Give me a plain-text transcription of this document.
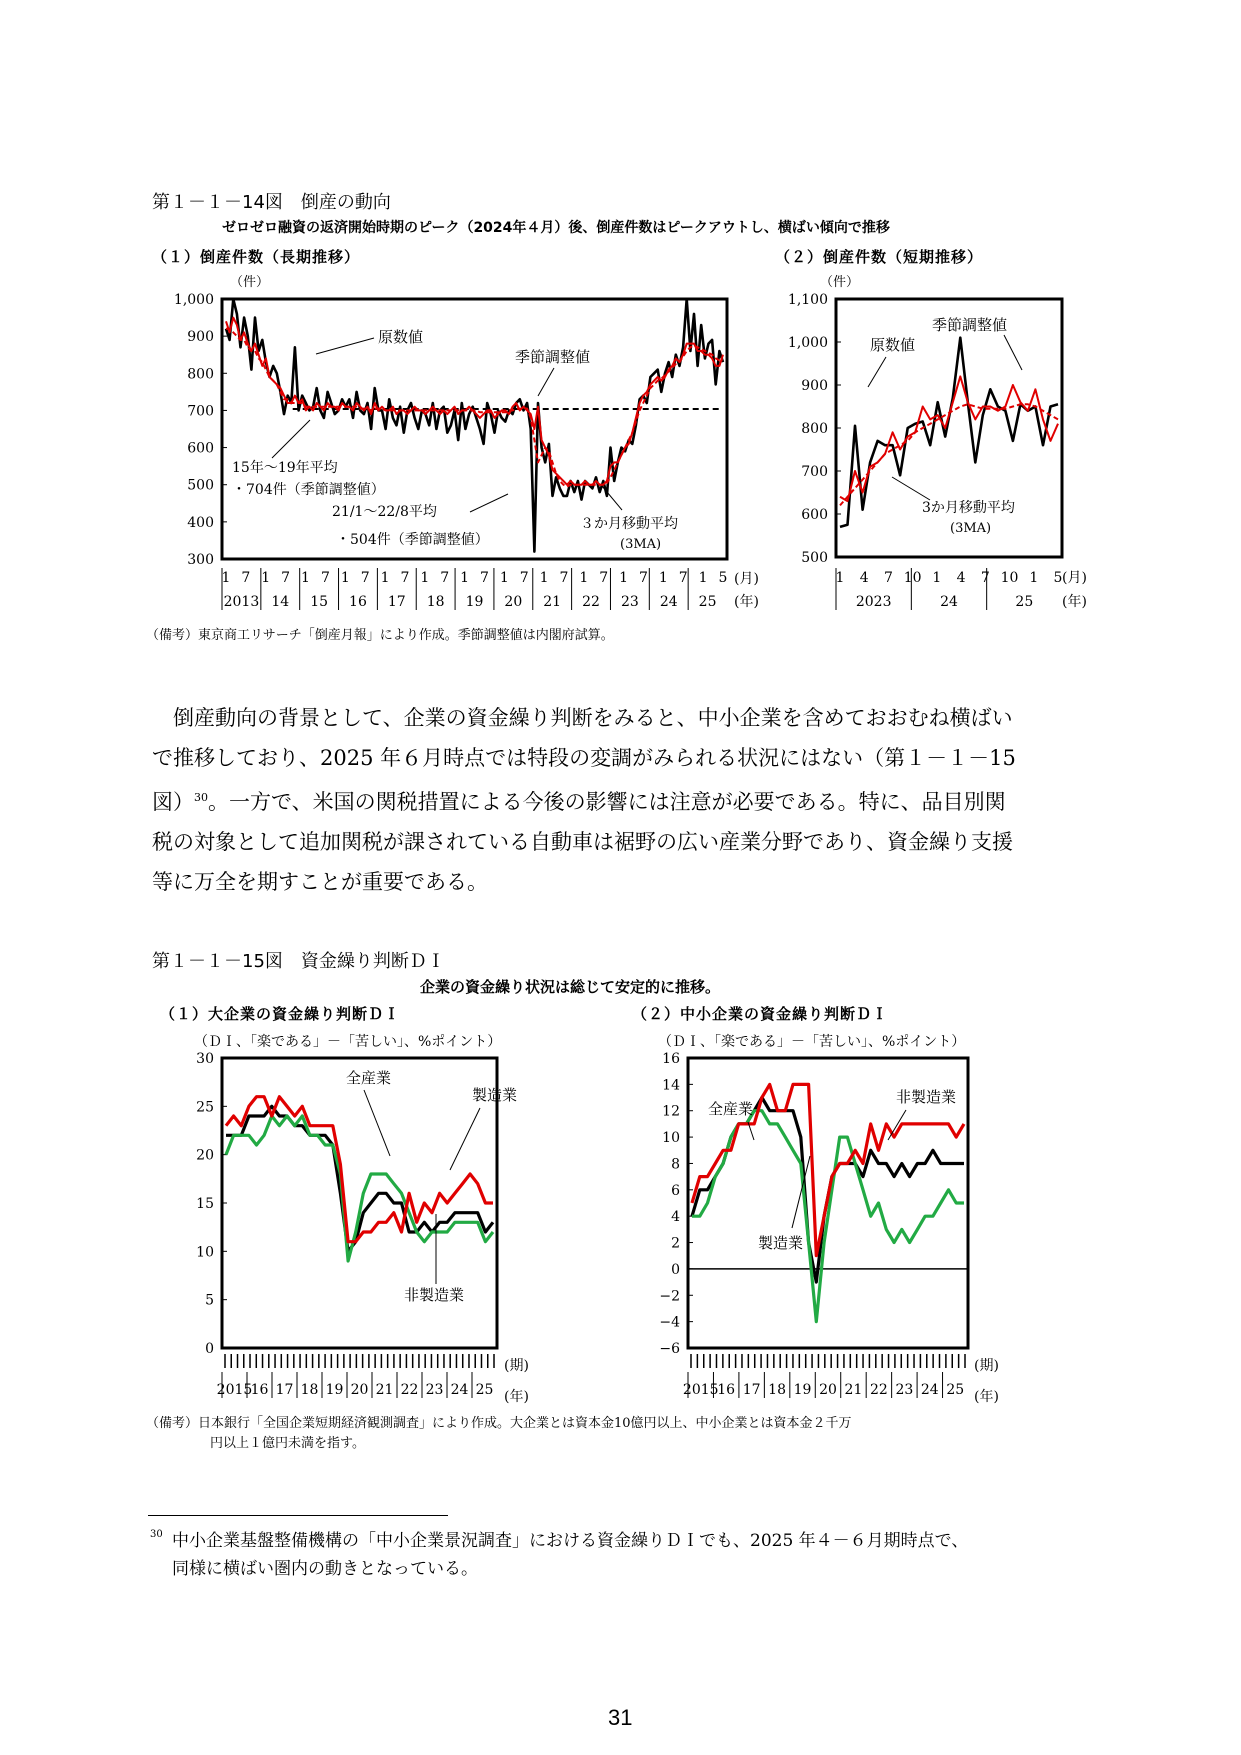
第１－１－14図　倒産の動向
ゼロゼロ融資の返済開始時期のピーク（2024年４月）後、倒産件数はピークアウトし、横ばい傾向で推移
（１）倒産件数（長期推移）	（２）倒産件数（短期推移）
（件）
1,000
900
800
700
600
500
400
300
1 7 1 7 1 7 1 7 1 7 1 7 1 7 1 7 1 7 1 7 1 7 1 7 1 5
2013 14 15 16 17 18 19 20 21 22 23 24 25
原数値
季節調整値
15年～19年平均
・704件（季節調整値）
21/1～22/8平均
・504件（季節調整値）
３か月移動平均
(3MA)
(月)
(年)
（件）
1,100
1,000
900
800
700
600
500
1 4 7 10 1 4 7 10 1 5
2023	24	25
原数値
季節調整値
3か月移動平均
(3MA)
(月)
(年)
（備考）東京商工リサーチ「倒産月報」により作成。季節調整値は内閣府試算。
倒産動向の背景として、企業の資金繰り判断をみると、中小企業を含めておおむね横ばい
で推移しており、2025 年６月時点では特段の変調がみられる状況にはない（第１－１－15
図）$^{30}$。一方で、米国の関税措置による今後の影響には注意が必要である。特に、品目別関
税の対象として追加関税が課されている自動車は裾野の広い産業分野であり、資金繰り支援
等に万全を期すことが重要である。
第１－１－15図　資金繰り判断ＤＩ
企業の資金繰り状況は総じて安定的に推移。
（１）大企業の資金繰り判断ＤＩ	（２）中小企業の資金繰り判断ＤＩ
（ＤＩ、「楽である」－「苦しい」、%ポイント）
30
25
20
15
10
5
0
2015
16 17 18 19 20 21 22 23 24 25
全産業
製造業
非製造業
(期)
(年)
（ＤＩ、「楽である」－「苦しい」、%ポイント）
16
14
12
10
8
6
4
2
0
−2
−4
−6
2015
16 17 18 19 20 21 22 23 24 25
全産業
製造業
非製造業
(期)
(年)
（備考）日本銀行「全国企業短期経済観測調査」により作成。大企業とは資本金10億円以上、中小企業とは資本金２千万
円以上１億円未満を指す。
30 中小企業基盤整備機構の「中小企業景況調査」における資金繰りＤＩでも、2025 年４－６月期時点で、
同様に横ばい圏内の動きとなっている。
31
